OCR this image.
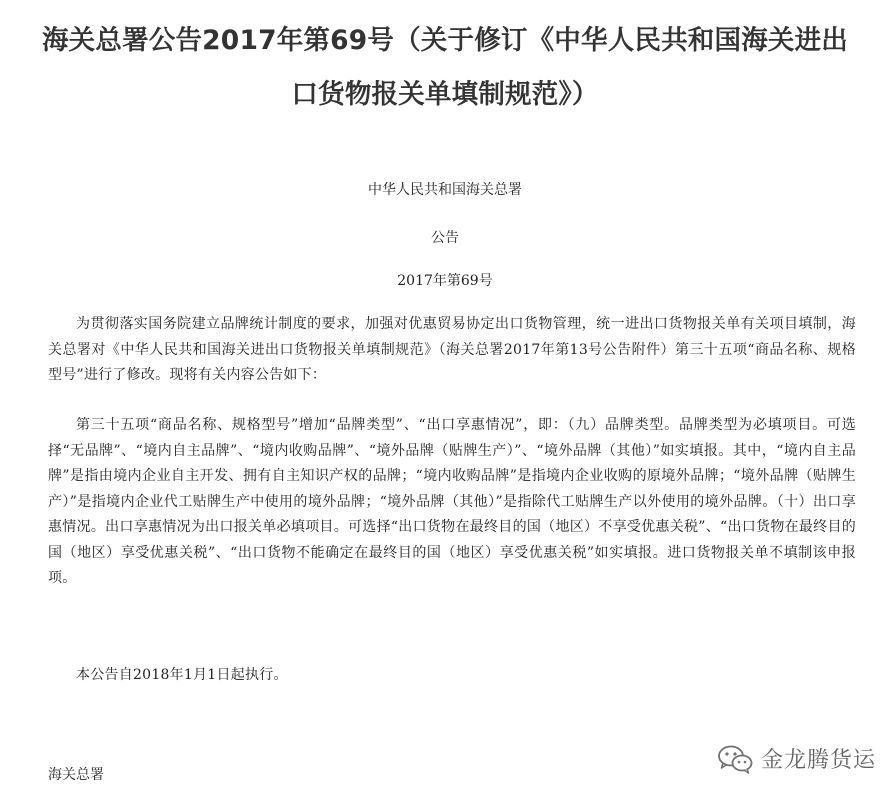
海关总署公告2017年第69号（关于修订《中华人民共和国海关进出口货物报关单填制规范》）
中华人民共和国海关总署
公告
2017年第69号

为贯彻落实国务院建立品牌统计制度的要求，加强对优惠贸易协定出口货物管理，统一进出口货物报关单有关项目填制，海关总署对《中华人民共和国海关进出口货物报关单填制规范》（海关总署2017年第13号公告附件）第三十五项“商品名称、规格型号”进行了修改。现将有关内容公告如下：

第三十五项“商品名称、规格型号”增加“品牌类型”、“出口享惠情况”，即：（九）品牌类型。品牌类型为必填项目。可选择“无品牌”、“境内自主品牌”、“境内收购品牌”、“境外品牌（贴牌生产）”、“境外品牌（其他）”如实填报。其中，“境内自主品牌”是指由境内企业自主开发、拥有自主知识产权的品牌；“境内收购品牌”是指境内企业收购的原境外品牌；“境外品牌（贴牌生产）”是指境内企业代工贴牌生产中使用的境外品牌；“境外品牌（其他）”是指除代工贴牌生产以外使用的境外品牌。（十）出口享惠情况。出口享惠情况为出口报关单必填项目。可选择“出口货物在最终目的国（地区）不享受优惠关税”、“出口货物在最终目的国（地区）享受优惠关税”、“出口货物不能确定在最终目的国（地区）享受优惠关税”如实填报。进口货物报关单不填制该申报项。

本公告自2018年1月1日起执行。

海关总署
金龙腾货运
